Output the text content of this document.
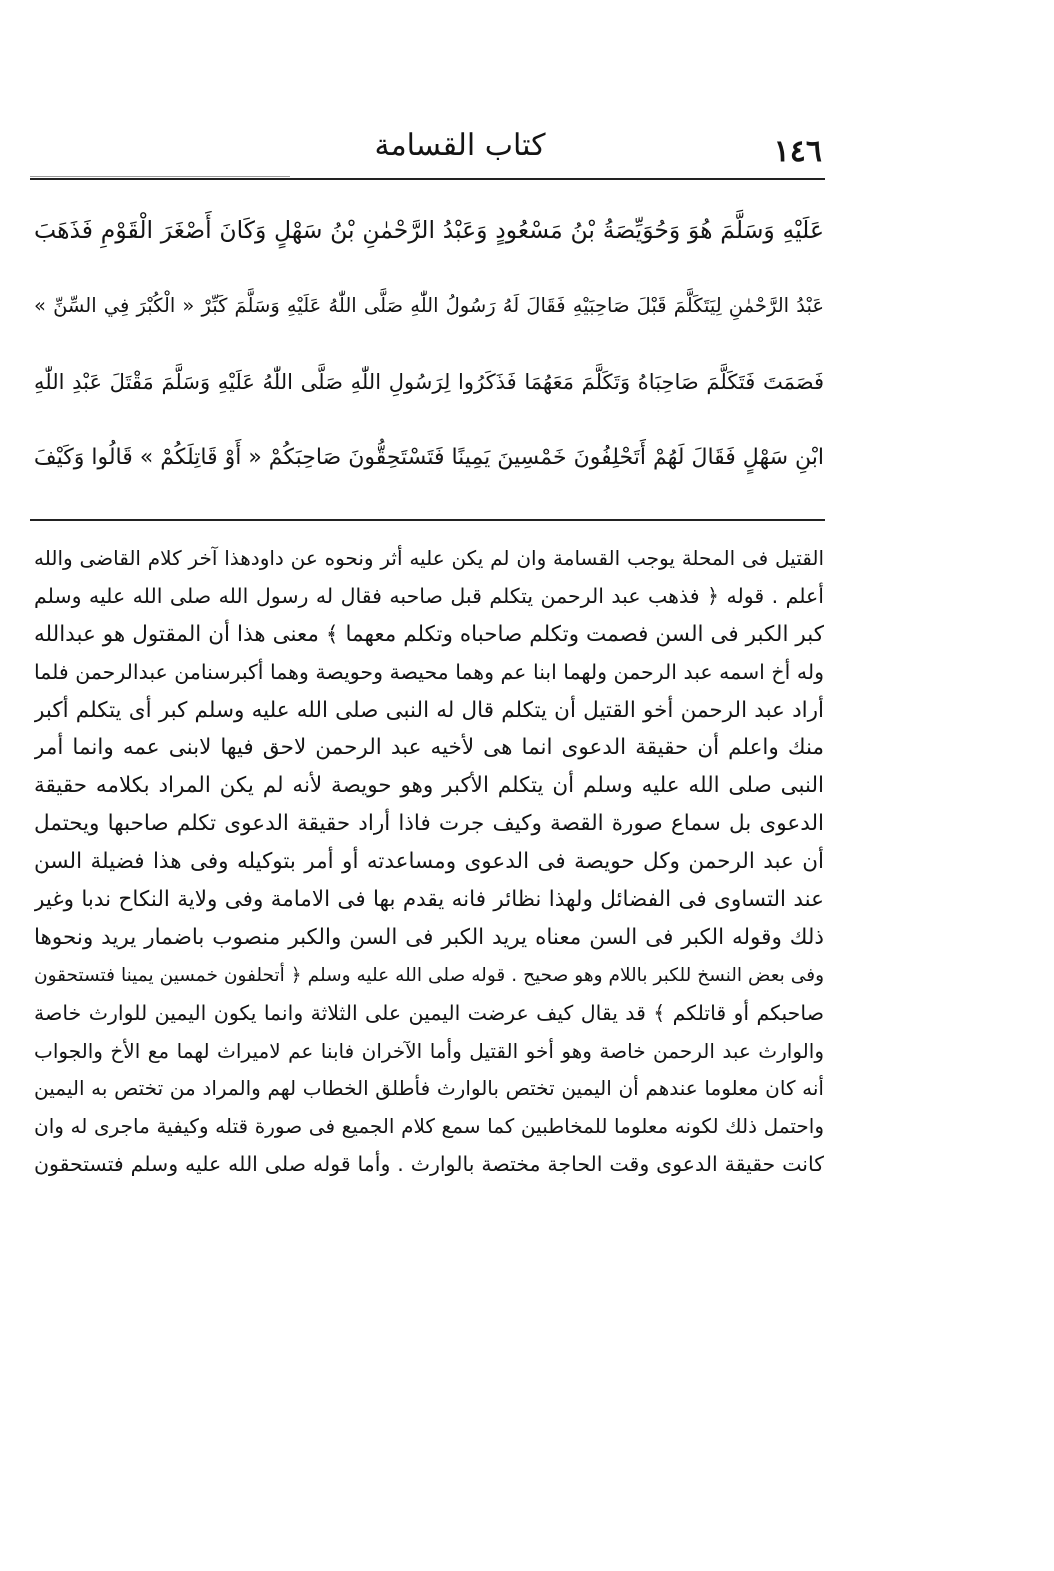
١٤٦
كتاب القسامة
عَلَيْهِ وَسَلَّمَ هُوَ وَحُوَيِّصَةُ بْنُ مَسْعُودٍ وَعَبْدُ الرَّحْمٰنِ بْنُ سَهْلٍ وَكَانَ أَصْغَرَ الْقَوْمِ فَذَهَبَ
عَبْدُ الرَّحْمٰنِ لِيَتَكَلَّمَ قَبْلَ صَاحِبَيْهِ فَقَالَ لَهُ رَسُولُ اللّٰهِ صَلَّى اللّٰهُ عَلَيْهِ وَسَلَّمَ كَبِّرْ « الْكُبْرَ فِي السِّنِّ »
فَصَمَتَ فَتَكَلَّمَ صَاحِبَاهُ وَتَكَلَّمَ مَعَهُمَا فَذَكَرُوا لِرَسُولِ اللّٰهِ صَلَّى اللّٰهُ عَلَيْهِ وَسَلَّمَ مَقْتَلَ عَبْدِ اللّٰهِ
ابْنِ سَهْلٍ فَقَالَ لَهُمْ أَتَحْلِفُونَ خَمْسِينَ يَمِينًا فَتَسْتَحِقُّونَ صَاحِبَكُمْ « أَوْ قَاتِلَكُمْ » قَالُوا وَكَيْفَ
القتيل فى المحلة يوجب القسامة وان لم يكن عليه أثر ونحوه عن داودهذا آخر كلام القاضى والله
أعلم . قوله ﴿ فذهب عبد الرحمن يتكلم قبل صاحبه فقال له رسول الله صلى الله عليه وسلم
كبر الكبر فى السن فصمت وتكلم صاحباه وتكلم معهما ﴾ معنى هذا أن المقتول هو عبدالله
وله أخ اسمه عبد الرحمن ولهما ابنا عم وهما محيصة وحويصة وهما أكبرسنامن عبدالرحمن فلما
أراد عبد الرحمن أخو القتيل أن يتكلم قال له النبى صلى الله عليه وسلم كبر أى يتكلم أكبر
منك واعلم أن حقيقة الدعوى انما هى لأخيه عبد الرحمن لاحق فيها لابنى عمه وانما أمر
النبى صلى الله عليه وسلم أن يتكلم الأكبر وهو حويصة لأنه لم يكن المراد بكلامه حقيقة
الدعوى بل سماع صورة القصة وكيف جرت فاذا أراد حقيقة الدعوى تكلم صاحبها ويحتمل
أن عبد الرحمن وكل حويصة فى الدعوى ومساعدته أو أمر بتوكيله وفى هذا فضيلة السن
عند التساوى فى الفضائل ولهذا نظائر فانه يقدم بها فى الامامة وفى ولاية النكاح ندبا وغير
ذلك وقوله الكبر فى السن معناه يريد الكبر فى السن والكبر منصوب باضمار يريد ونحوها
وفى بعض النسخ للكبر باللام وهو صحيح . قوله صلى الله عليه وسلم ﴿ أتحلفون خمسين يمينا فتستحقون
صاحبكم أو قاتلكم ﴾ قد يقال كيف عرضت اليمين على الثلاثة وانما يكون اليمين للوارث خاصة
والوارث عبد الرحمن خاصة وهو أخو القتيل وأما الآخران فابنا عم لاميراث لهما مع الأخ والجواب
أنه كان معلوما عندهم أن اليمين تختص بالوارث فأطلق الخطاب لهم والمراد من تختص به اليمين
واحتمل ذلك لكونه معلوما للمخاطبين كما سمع كلام الجميع فى صورة قتله وكيفية ماجرى له وان
كانت حقيقة الدعوى وقت الحاجة مختصة بالوارث . وأما قوله صلى الله عليه وسلم فتستحقون
